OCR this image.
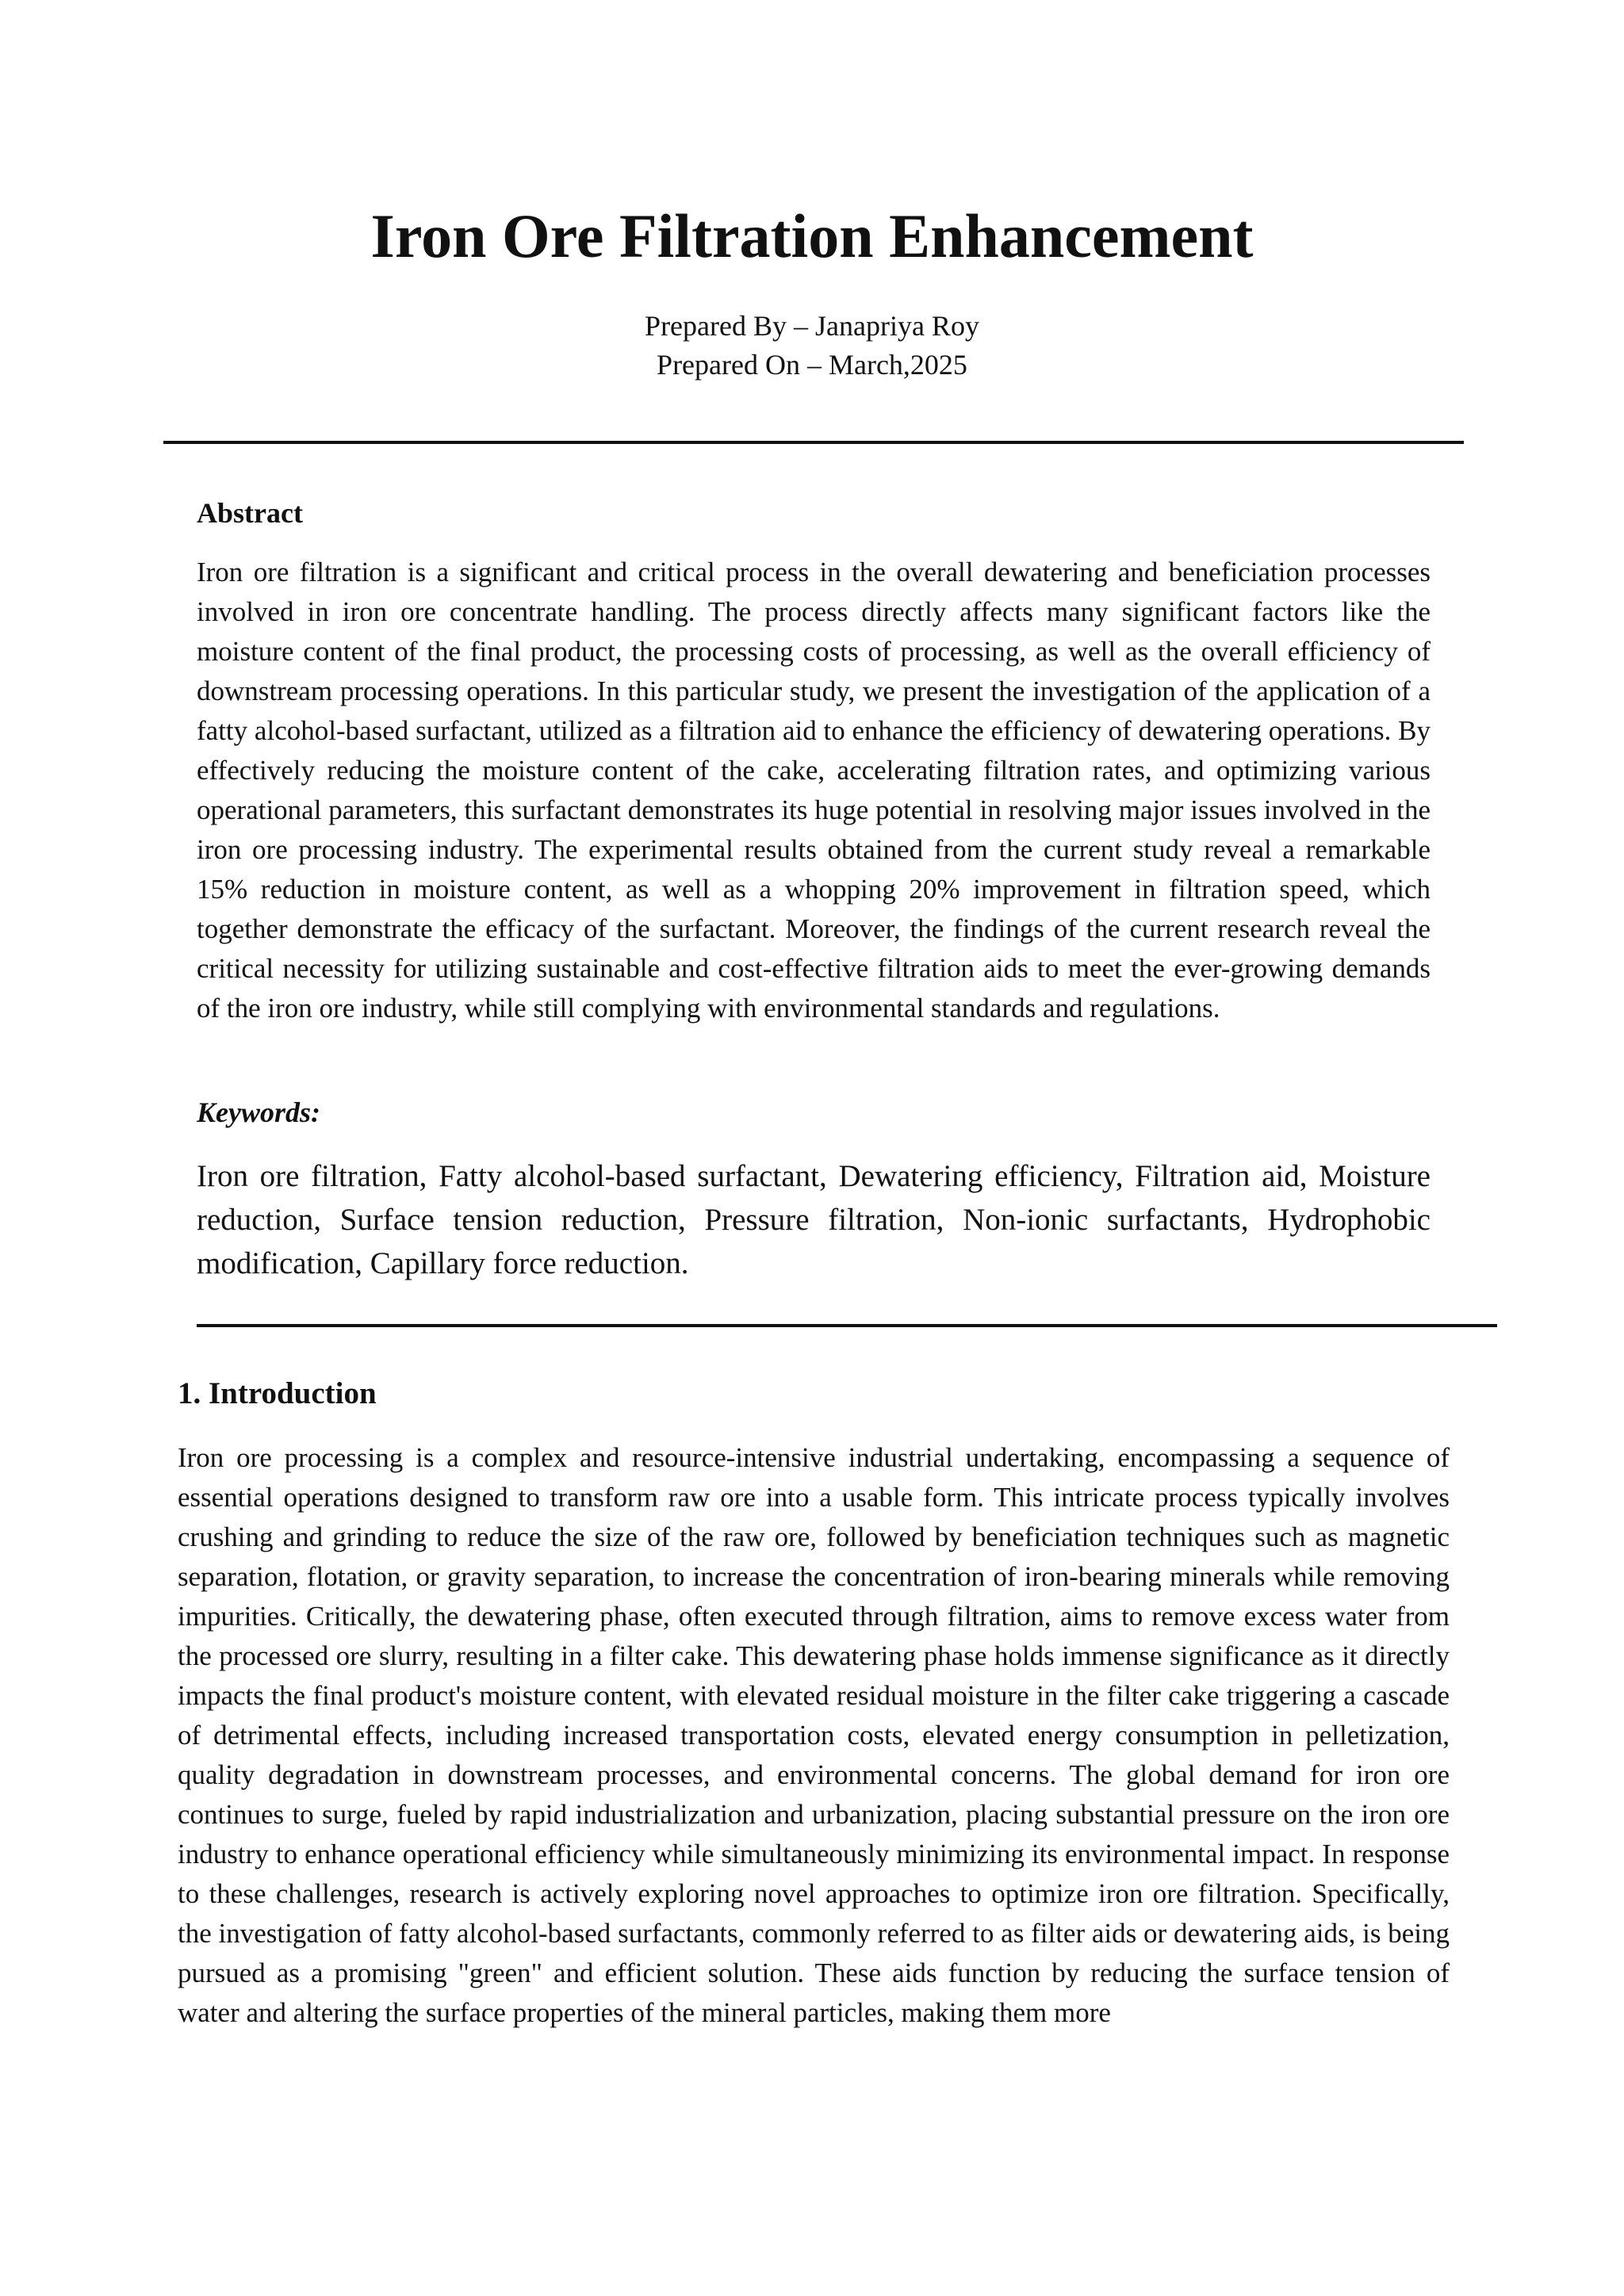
Iron Ore Filtration Enhancement
Prepared By – Janapriya Roy
Prepared On – March,2025
Abstract

Iron ore filtration is a significant and critical process in the overall dewatering and beneficiation processes involved in iron ore concentrate handling. The process directly affects many significant factors like the moisture content of the final product, the processing costs of processing, as well as the overall efficiency of downstream processing operations. In this particular study, we present the investigation of the application of a fatty alcohol-based surfactant, utilized as a filtration aid to enhance the efficiency of dewatering operations. By effectively reducing the moisture content of the cake, accelerating filtration rates, and optimizing various operational parameters, this surfactant demonstrates its huge potential in resolving major issues involved in the iron ore processing industry. The experimental results obtained from the current study reveal a remarkable 15% reduction in moisture content, as well as a whopping 20% improvement in filtration speed, which together demonstrate the efficacy of the surfactant. Moreover, the findings of the current research reveal the critical necessity for utilizing sustainable and cost-effective filtration aids to meet the ever-growing demands of the iron ore industry, while still complying with environmental standards and regulations.

Keywords:

Iron ore filtration, Fatty alcohol-based surfactant, Dewatering efficiency, Filtration aid, Moisture reduction, Surface tension reduction, Pressure filtration, Non-ionic surfactants, Hydrophobic modification, Capillary force reduction.

1. Introduction

Iron ore processing is a complex and resource-intensive industrial undertaking, encompassing a sequence of essential operations designed to transform raw ore into a usable form. This intricate process typically involves crushing and grinding to reduce the size of the raw ore, followed by beneficiation techniques such as magnetic separation, flotation, or gravity separation, to increase the concentration of iron-bearing minerals while removing impurities. Critically, the dewatering phase, often executed through filtration, aims to remove excess water from the processed ore slurry, resulting in a filter cake. This dewatering phase holds immense significance as it directly impacts the final product's moisture content, with elevated residual moisture in the filter cake triggering a cascade of detrimental effects, including increased transportation costs, elevated energy consumption in pelletization, quality degradation in downstream processes, and environmental concerns. The global demand for iron ore continues to surge, fueled by rapid industrialization and urbanization, placing substantial pressure on the iron ore industry to enhance operational efficiency while simultaneously minimizing its environmental impact. In response to these challenges, research is actively exploring novel approaches to optimize iron ore filtration. Specifically, the investigation of fatty alcohol-based surfactants, commonly referred to as filter aids or dewatering aids, is being pursued as a promising "green" and efficient solution. These aids function by reducing the surface tension of water and altering the surface properties of the mineral particles, making them more
